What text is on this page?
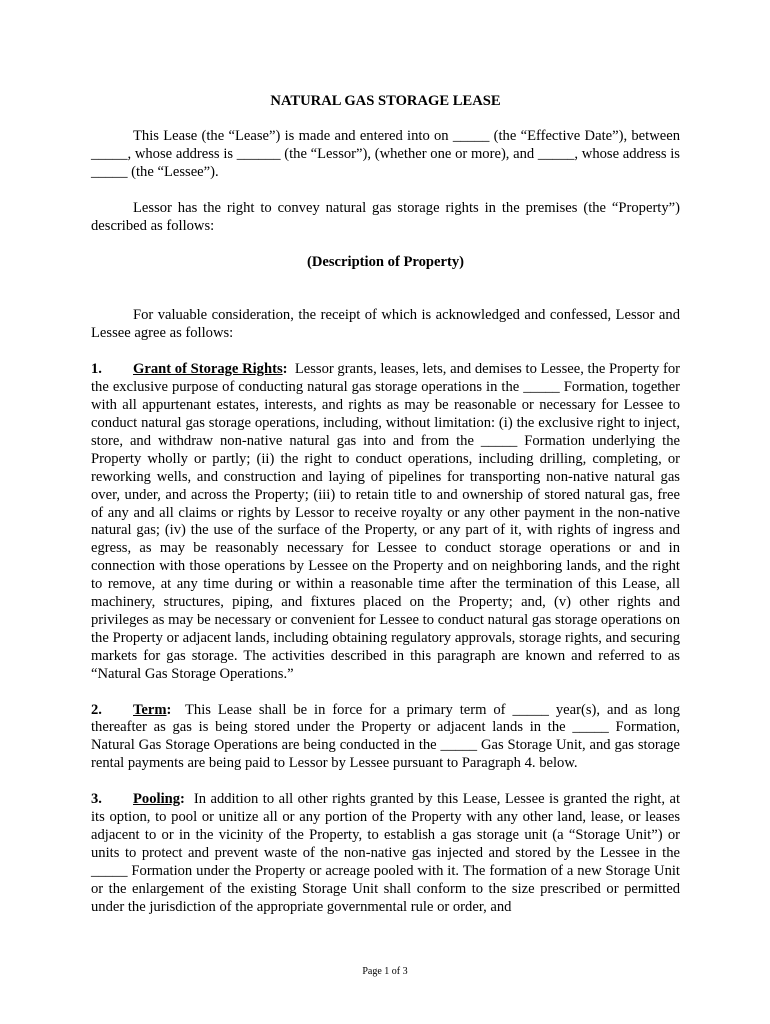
NATURAL GAS STORAGE LEASE

This Lease (the “Lease”) is made and entered into on _____ (the “Effective Date”), between _____, whose address is ______ (the “Lessor”), (whether one or more), and _____, whose address is _____ (the “Lessee”).

Lessor has the right to convey natural gas storage rights in the premises (the “Property”) described as follows:

(Description of Property)

For valuable consideration, the receipt of which is acknowledged and confessed, Lessor and Lessee agree as follows:

1. Grant of Storage Rights: Lessor grants, leases, lets, and demises to Lessee, the Property for the exclusive purpose of conducting natural gas storage operations in the _____ Formation, together with all appurtenant estates, interests, and rights as may be reasonable or necessary for Lessee to conduct natural gas storage operations, including, without limitation: (i) the exclusive right to inject, store, and withdraw non-native natural gas into and from the _____ Formation underlying the Property wholly or partly; (ii) the right to conduct operations, including drilling, completing, or reworking wells, and construction and laying of pipelines for transporting non-native natural gas over, under, and across the Property; (iii) to retain title to and ownership of stored natural gas, free of any and all claims or rights by Lessor to receive royalty or any other payment in the non-native natural gas; (iv) the use of the surface of the Property, or any part of it, with rights of ingress and egress, as may be reasonably necessary for Lessee to conduct storage operations or and in connection with those operations by Lessee on the Property and on neighboring lands, and the right to remove, at any time during or within a reasonable time after the termination of this Lease, all machinery, structures, piping, and fixtures placed on the Property; and, (v) other rights and privileges as may be necessary or convenient for Lessee to conduct natural gas storage operations on the Property or adjacent lands, including obtaining regulatory approvals, storage rights, and securing markets for gas storage. The activities described in this paragraph are known and referred to as “Natural Gas Storage Operations.”

2. Term: This Lease shall be in force for a primary term of _____ year(s), and as long thereafter as gas is being stored under the Property or adjacent lands in the _____ Formation, Natural Gas Storage Operations are being conducted in the _____ Gas Storage Unit, and gas storage rental payments are being paid to Lessor by Lessee pursuant to Paragraph 4. below.

3. Pooling: In addition to all other rights granted by this Lease, Lessee is granted the right, at its option, to pool or unitize all or any portion of the Property with any other land, lease, or leases adjacent to or in the vicinity of the Property, to establish a gas storage unit (a “Storage Unit”) or units to protect and prevent waste of the non-native gas injected and stored by the Lessee in the _____ Formation under the Property or acreage pooled with it. The formation of a new Storage Unit or the enlargement of the existing Storage Unit shall conform to the size prescribed or permitted under the jurisdiction of the appropriate governmental rule or order, and

Page 1 of 3
